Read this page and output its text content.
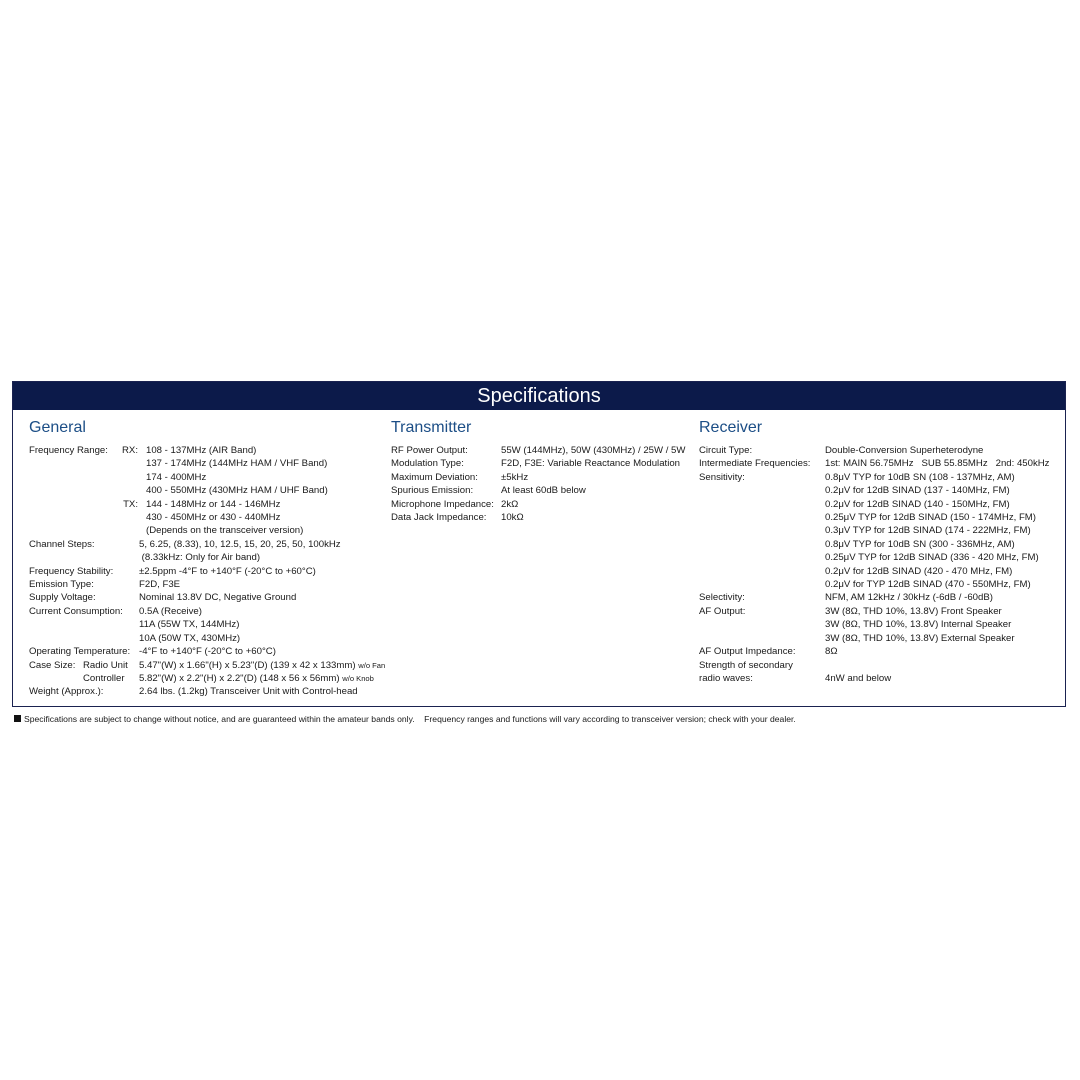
Specifications
General
Frequency Range:	RX: 108 - 137MHz (AIR Band)
137 - 174MHz (144MHz HAM / VHF Band)
174 - 400MHz
400 - 550MHz (430MHz HAM / UHF Band)
TX: 144 - 148MHz or 144 - 146MHz
430 - 450MHz or 430 - 440MHz
(Depends on the transceiver version)
Channel Steps:	5, 6.25, (8.33), 10, 12.5, 15, 20, 25, 50, 100kHz
(8.33kHz: Only for Air band)
Frequency Stability:	±2.5ppm -4°F to +140°F (-20°C to +60°C)
Emission Type:	F2D, F3E
Supply Voltage:	Nominal 13.8V DC, Negative Ground
Current Consumption:	0.5A (Receive)
11A (55W TX, 144MHz)
10A (50W TX, 430MHz)
Operating Temperature: -4°F to +140°F (-20°C to +60°C)
Case Size: Radio Unit	5.47"(W) x 1.66"(H) x 5.23"(D) (139 x 42 x 133mm) w/o Fan
Controller	5.82"(W) x 2.2"(H) x 2.2"(D) (148 x 56 x 56mm) w/o Knob
Weight (Approx.):	2.64 lbs. (1.2kg) Transceiver Unit with Control-head
Transmitter
RF Power Output:	55W (144MHz), 50W (430MHz) / 25W / 5W
Modulation Type:	F2D, F3E: Variable Reactance Modulation
Maximum Deviation:	±5kHz
Spurious Emission:	At least 60dB below
Microphone Impedance: 2kΩ
Data Jack Impedance:	10kΩ
Receiver
Circuit Type:	Double-Conversion Superheterodyne
Intermediate Frequencies:	1st: MAIN 56.75MHz   SUB 55.85MHz   2nd: 450kHz
Sensitivity:	0.8μV TYP for 10dB SN (108 - 137MHz, AM)
0.2μV for 12dB SINAD (137 - 140MHz, FM)
0.2μV for 12dB SINAD (140 - 150MHz, FM)
0.25μV TYP for 12dB SINAD (150 - 174MHz, FM)
0.3μV TYP for 12dB SINAD (174 - 222MHz, FM)
0.8μV TYP for 10dB SN (300 - 336MHz, AM)
0.25μV TYP for 12dB SINAD (336 - 420 MHz, FM)
0.2μV for 12dB SINAD (420 - 470 MHz, FM)
0.2μV for TYP 12dB SINAD (470 - 550MHz, FM)
Selectivity:	NFM, AM 12kHz / 30kHz (-6dB / -60dB)
AF Output:	3W (8Ω, THD 10%, 13.8V) Front Speaker
3W (8Ω, THD 10%, 13.8V) Internal Speaker
3W (8Ω, THD 10%, 13.8V) External Speaker
AF Output Impedance:	8Ω
Strength of secondary
radio waves:
	4nW and below
Specifications are subject to change without notice, and are guaranteed within the amateur bands only.    Frequency ranges and functions will vary according to transceiver version; check with your dealer.
